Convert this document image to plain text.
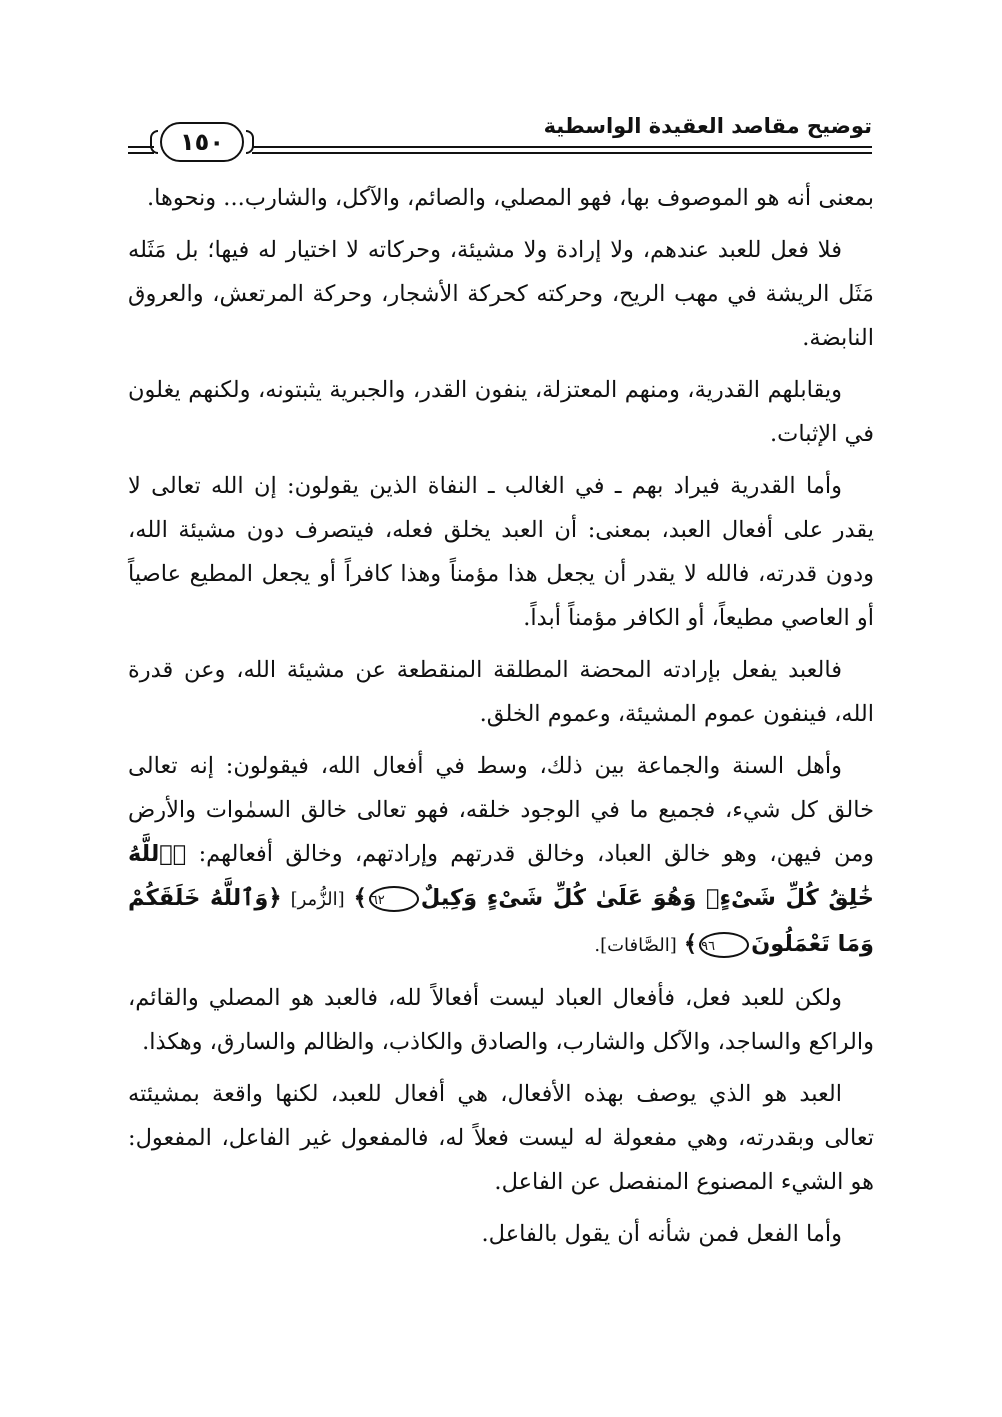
توضيح مقاصد العقيدة الواسطية
١٥٠

بمعنى أنه هو الموصوف بها، فهو المصلي، والصائم، والآكل، والشارب... ونحوها.

فلا فعل للعبد عندهم، ولا إرادة ولا مشيئة، وحركاته لا اختيار له فيها؛ بل مَثَله مَثَل الريشة في مهب الريح، وحركته كحركة الأشجار، وحركة المرتعش، والعروق النابضة.

ويقابلهم القدرية، ومنهم المعتزلة، ينفون القدر، والجبرية يثبتونه، ولكنهم يغلون في الإثبات.

وأما القدرية فيراد بهم ـ في الغالب ـ النفاة الذين يقولون: إن الله تعالى لا يقدر على أفعال العبد، بمعنى: أن العبد يخلق فعله، فيتصرف دون مشيئة الله، ودون قدرته، فالله لا يقدر أن يجعل هذا مؤمناً وهذا كافراً أو يجعل المطيع عاصياً أو العاصي مطيعاً، أو الكافر مؤمناً أبداً.

فالعبد يفعل بإرادته المحضة المطلقة المنقطعة عن مشيئة الله، وعن قدرة الله، فينفون عموم المشيئة، وعموم الخلق.

وأهل السنة والجماعة بين ذلك، وسط في أفعال الله، فيقولون: إنه تعالى خالق كل شيء، فجميع ما في الوجود خلقه، فهو تعالى خالق السمٰوات والأرض ومن فيهن، وهو خالق العباد، وخالق قدرتهم وإرادتهم، وخالق أفعالهم: ﴿ٱللَّهُ خَٰلِقُ كُلِّ شَىْءٍۖ وَهُوَ عَلَىٰ كُلِّ شَىْءٍ وَكِيلٌ٦٢﴾ [الزُّمر] ﴿وَٱللَّهُ خَلَقَكُمْ وَمَا تَعْمَلُونَ٩٦﴾ [الصَّافات].

ولكن للعبد فعل، فأفعال العباد ليست أفعالاً لله، فالعبد هو المصلي والقائم، والراكع والساجد، والآكل والشارب، والصادق والكاذب، والظالم والسارق، وهكذا.

العبد هو الذي يوصف بهذه الأفعال، هي أفعال للعبد، لكنها واقعة بمشيئته تعالى وبقدرته، وهي مفعولة له ليست فعلاً له، فالمفعول غير الفاعل، المفعول: هو الشيء المصنوع المنفصل عن الفاعل.

وأما الفعل فمن شأنه أن يقول بالفاعل.
